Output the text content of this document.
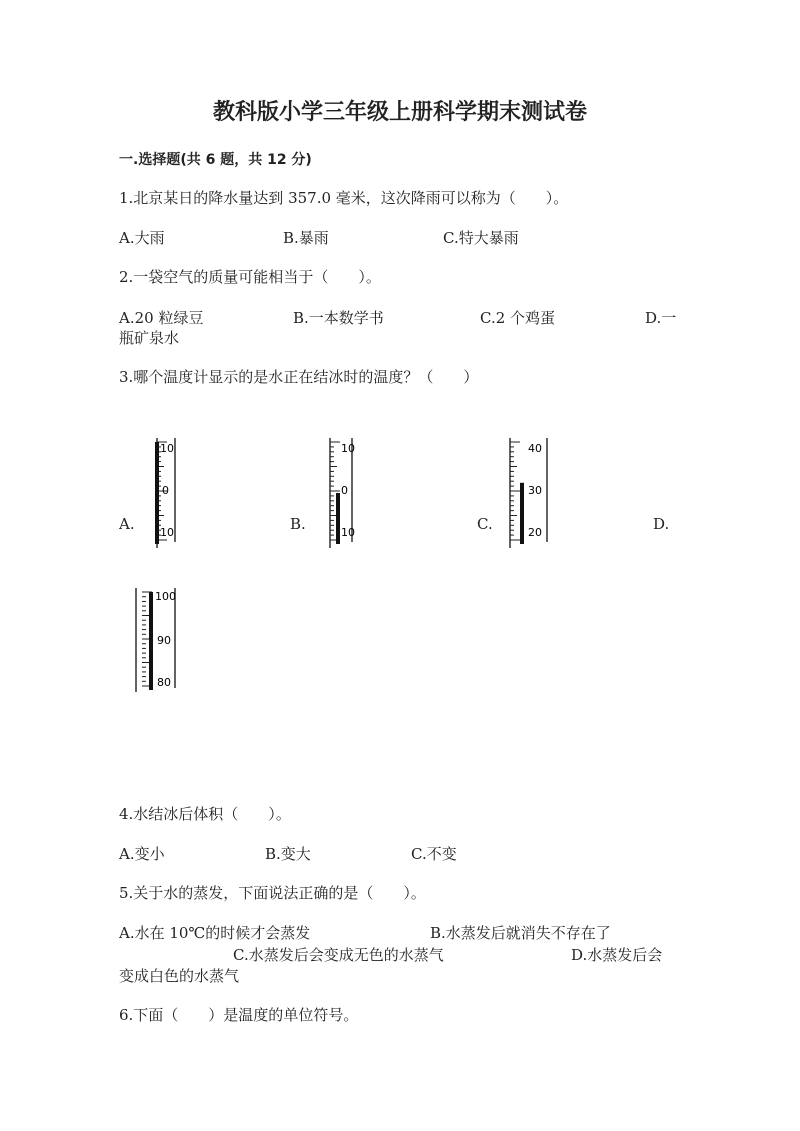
教科版小学三年级上册科学期末测试卷
一.选择题(共 6 题，共 12 分)
1.北京某日的降水量达到 357.0 毫米，这次降雨可以称为（　　）。
A.大雨	B.暴雨	C.特大暴雨
2.一袋空气的质量可能相当于（　　）。
A.20 粒绿豆	B.一本数学书	C.2 个鸡蛋	D.一
瓶矿泉水
3.哪个温度计显示的是水正在结冰时的温度？（　　）
A.	B.	C.	D.
10
0
10
10
0
10
40
30
20
100
90
80
4.水结冰后体积（　　）。
A.变小	B.变大	C.不变
5.关于水的蒸发，下面说法正确的是（　　）。
A.水在 10℃的时候才会蒸发	B.水蒸发后就消失不存在了
C.水蒸发后会变成无色的水蒸气	D.水蒸发后会
变成白色的水蒸气
6.下面（　　）是温度的单位符号。
